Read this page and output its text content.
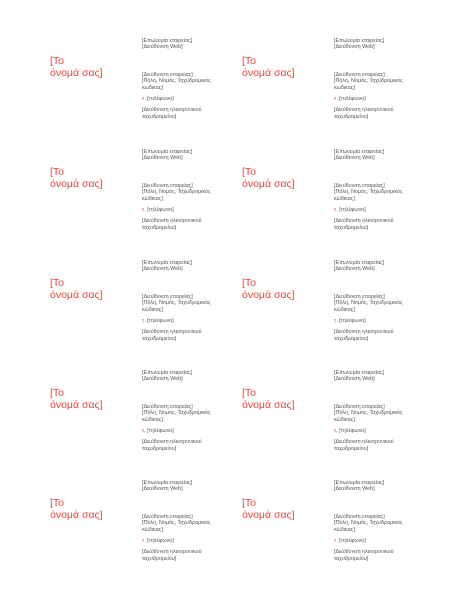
[Το
όνομά σας]
[Επωνυμία εταιρείας]
[Διεύθυνση Web]
[Διεύθυνση εταιρείας]
[Πόλη, Νομός, Ταχυδρομικός
κώδικας]
τ. [τηλέφωνο]
[Διεύθυνση ηλεκτρονικού
ταχυδρομείου]
[Το
όνομά σας]
[Επωνυμία εταιρείας]
[Διεύθυνση Web]
[Διεύθυνση εταιρείας]
[Πόλη, Νομός, Ταχυδρομικός
κώδικας]
τ. [τηλέφωνο]
[Διεύθυνση ηλεκτρονικού
ταχυδρομείου]
[Το
όνομά σας]
[Επωνυμία εταιρείας]
[Διεύθυνση Web]
[Διεύθυνση εταιρείας]
[Πόλη, Νομός, Ταχυδρομικός
κώδικας]
τ. [τηλέφωνο]
[Διεύθυνση ηλεκτρονικού
ταχυδρομείου]
[Το
όνομά σας]
[Επωνυμία εταιρείας]
[Διεύθυνση Web]
[Διεύθυνση εταιρείας]
[Πόλη, Νομός, Ταχυδρομικός
κώδικας]
τ. [τηλέφωνο]
[Διεύθυνση ηλεκτρονικού
ταχυδρομείου]
[Το
όνομά σας]
[Επωνυμία εταιρείας]
[Διεύθυνση Web]
[Διεύθυνση εταιρείας]
[Πόλη, Νομός, Ταχυδρομικός
κώδικας]
τ. [τηλέφωνο]
[Διεύθυνση ηλεκτρονικού
ταχυδρομείου]
[Το
όνομά σας]
[Επωνυμία εταιρείας]
[Διεύθυνση Web]
[Διεύθυνση εταιρείας]
[Πόλη, Νομός, Ταχυδρομικός
κώδικας]
τ. [τηλέφωνο]
[Διεύθυνση ηλεκτρονικού
ταχυδρομείου]
[Το
όνομά σας]
[Επωνυμία εταιρείας]
[Διεύθυνση Web]
[Διεύθυνση εταιρείας]
[Πόλη, Νομός, Ταχυδρομικός
κώδικας]
τ. [τηλέφωνο]
[Διεύθυνση ηλεκτρονικού
ταχυδρομείου]
[Το
όνομά σας]
[Επωνυμία εταιρείας]
[Διεύθυνση Web]
[Διεύθυνση εταιρείας]
[Πόλη, Νομός, Ταχυδρομικός
κώδικας]
τ. [τηλέφωνο]
[Διεύθυνση ηλεκτρονικού
ταχυδρομείου]
[Το
όνομά σας]
[Επωνυμία εταιρείας]
[Διεύθυνση Web]
[Διεύθυνση εταιρείας]
[Πόλη, Νομός, Ταχυδρομικός
κώδικας]
τ. [τηλέφωνο]
[Διεύθυνση ηλεκτρονικού
ταχυδρομείου]
[Το
όνομά σας]
[Επωνυμία εταιρείας]
[Διεύθυνση Web]
[Διεύθυνση εταιρείας]
[Πόλη, Νομός, Ταχυδρομικός
κώδικας]
τ. [τηλέφωνο]
[Διεύθυνση ηλεκτρονικού
ταχυδρομείου]
